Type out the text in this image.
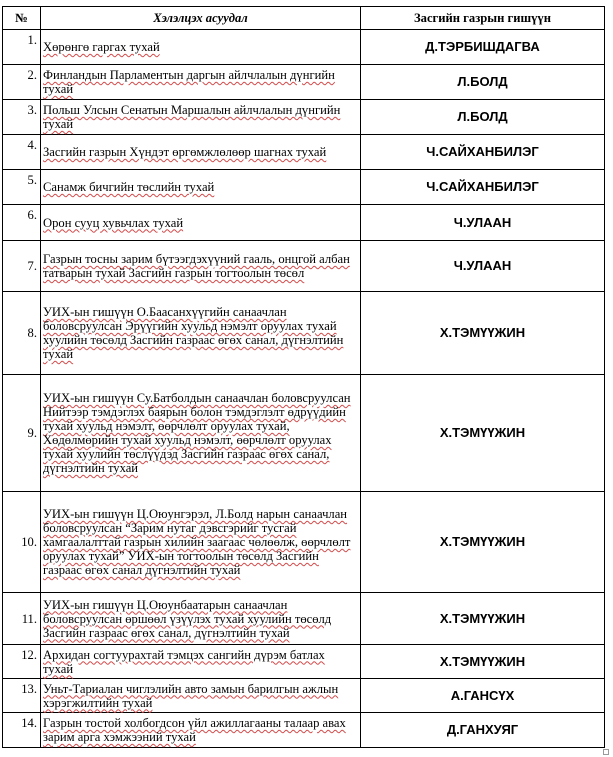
№	Хэлэлцэх асуудал	Засгийн газрын гишүүн
1.	Хөрөнгө гаргах тухай	Д.ТЭРБИШДАГВА
2.	Финландын Парламентын даргын айлчлалын дүнгийн тухай	Л.БОЛД
3.	Польш Улсын Сенатын Маршалын айлчлалын дүнгийн тухай	Л.БОЛД
4.	Засгийн газрын Хүндэт өргөмжлөлөөр шагнах тухай	Ч.САЙХАНБИЛЭГ
5.	Санамж бичгийн төслийн тухай	Ч.САЙХАНБИЛЭГ
6.	Орон сууц хувьчлах тухай	Ч.УЛААН
7.	Газрын тосны зарим бүтээгдэхүүний гааль, онцгой албан татварын тухай Засгийн газрын тогтоолын төсөл	Ч.УЛААН
8.	УИХ-ын гишүүн О.Баасанхүүгийн санаачлан боловсруулсан Эрүүгийн хуульд нэмэлт оруулах тухай хуулийн төсөлд Засгийн газраас өгөх санал, дүгнэлтийн тухай	Х.ТЭМҮҮЖИН
9.	УИХ-ын гишүүн Су.Батболдын санаачлан боловсруулсан Нийтээр тэмдэглэх баярын болон тэмдэглэлт өдрүүдийн тухай хуульд нэмэлт, өөрчлөлт оруулах тухай, Хөдөлмөрийн тухай хуульд нэмэлт, өөрчлөлт оруулах тухай хуулийн төслүүдэд Засгийн газраас өгөх санал, дүгнэлтийн тухай	Х.ТЭМҮҮЖИН
10.	УИХ-ын гишүүн Ц.Оюунгэрэл, Л.Болд нарын санаачлан боловсруулсан “Зарим нутаг дэвсгэрийг тусгай хамгаалалттай газрын хилийн заагаас чөлөөлж, өөрчлөлт оруулах тухай” УИХ-ын тогтоолын төсөлд Засгийн газраас өгөх санал дүгнэлтийн тухай	Х.ТЭМҮҮЖИН
11.	УИХ-ын гишүүн Ц.Оюунбаатарын санаачлан боловсруулсан өршөөл үзүүлэх тухай хуулийн төсөлд Засгийн газраас өгөх санал, дүгнэлтийн тухай	Х.ТЭМҮҮЖИН
12.	Архидан согтуурахтай тэмцэх сангийн дүрэм батлах тухай	Х.ТЭМҮҮЖИН
13.	Уньт-Тариалан чиглэлийн авто замын барилгын ажлын хэрэгжилтийн тухай	А.ГАНСҮХ
14.	Газрын тостой холбогдсон үйл ажиллагааны талаар авах зарим арга хэмжээний тухай	Д.ГАНХУЯГ
